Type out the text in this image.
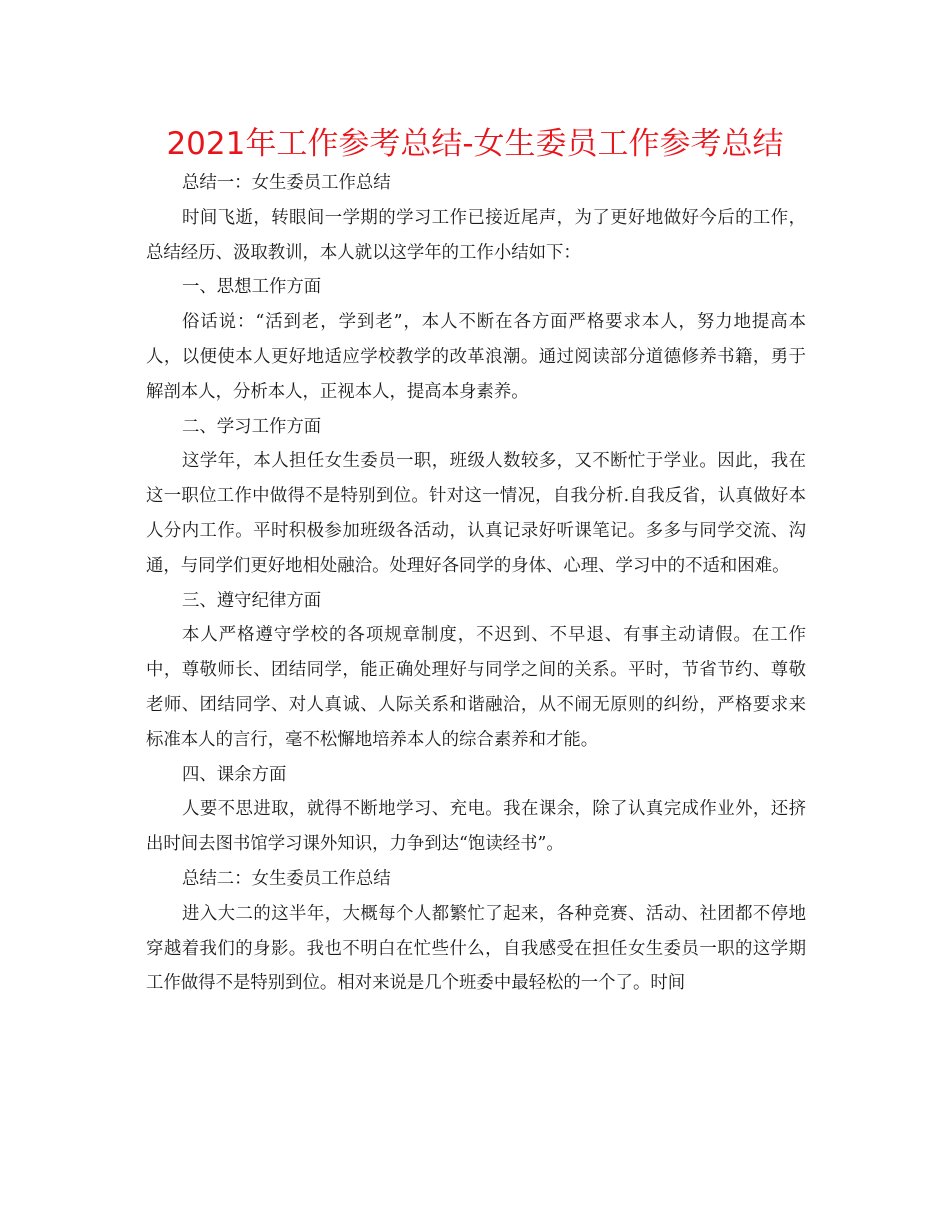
2021年工作参考总结-女生委员工作参考总结

总结一：女生委员工作总结

时间飞逝，转眼间一学期的学习工作已接近尾声，为了更好地做好今后的工作，总结经历、汲取教训，本人就以这学年的工作小结如下：

一、思想工作方面

俗话说：“活到老，学到老”，本人不断在各方面严格要求本人，努力地提高本人，以便使本人更好地适应学校教学的改革浪潮。通过阅读部分道德修养书籍，勇于解剖本人，分析本人，正视本人，提高本身素养。

二、学习工作方面

这学年，本人担任女生委员一职，班级人数较多，又不断忙于学业。因此，我在这一职位工作中做得不是特别到位。针对这一情况，自我分析.自我反省，认真做好本人分内工作。平时积极参加班级各活动，认真记录好听课笔记。多多与同学交流、沟通，与同学们更好地相处融洽。处理好各同学的身体、心理、学习中的不适和困难。

三、遵守纪律方面

本人严格遵守学校的各项规章制度，不迟到、不早退、有事主动请假。在工作中，尊敬师长、团结同学，能正确处理好与同学之间的关系。平时，节省节约、尊敬老师、团结同学、对人真诚、人际关系和谐融洽，从不闹无原则的纠纷，严格要求来标准本人的言行，毫不松懈地培养本人的综合素养和才能。

四、课余方面

人要不思进取，就得不断地学习、充电。我在课余，除了认真完成作业外，还挤出时间去图书馆学习课外知识，力争到达“饱读经书”。

总结二：女生委员工作总结

进入大二的这半年，大概每个人都繁忙了起来，各种竞赛、活动、社团都不停地穿越着我们的身影。我也不明白在忙些什么，自我感受在担任女生委员一职的这学期工作做得不是特别到位。相对来说是几个班委中最轻松的一个了。时间
